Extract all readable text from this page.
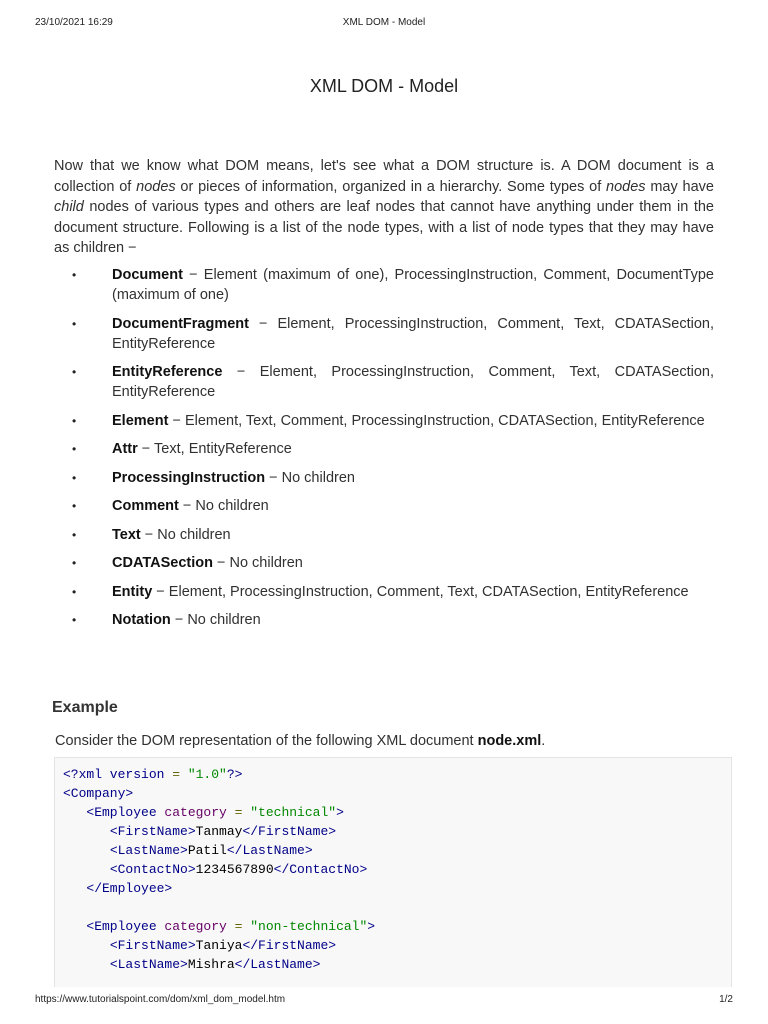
23/10/2021 16:29	XML DOM - Model
XML DOM - Model

Now that we know what DOM means, let's see what a DOM structure is. A DOM document is a collection of nodes or pieces of information, organized in a hierarchy. Some types of nodes may have child nodes of various types and others are leaf nodes that cannot have anything under them in the document structure. Following is a list of the node types, with a list of node types that they may have as children −

• Document − Element (maximum of one), ProcessingInstruction, Comment, DocumentType (maximum of one)
• DocumentFragment − Element, ProcessingInstruction, Comment, Text, CDATASection, EntityReference
• EntityReference − Element, ProcessingInstruction, Comment, Text, CDATASection, EntityReference
• Element − Element, Text, Comment, ProcessingInstruction, CDATASection, EntityReference
• Attr − Text, EntityReference
• ProcessingInstruction − No children
• Comment − No children
• Text − No children
• CDATASection − No children
• Entity − Element, ProcessingInstruction, Comment, Text, CDATASection, EntityReference
• Notation − No children
Example

Consider the DOM representation of the following XML document node.xml.

<?xml version = "1.0"?>
<Company>
<Employee category = "technical">
<FirstName>Tanmay</FirstName>
<LastName>Patil</LastName>
<ContactNo>1234567890</ContactNo>
</Employee>
<Employee category = "non-technical">
<FirstName>Taniya</FirstName>
<LastName>Mishra</LastName>
https://www.tutorialspoint.com/dom/xml_dom_model.htm	1/2
